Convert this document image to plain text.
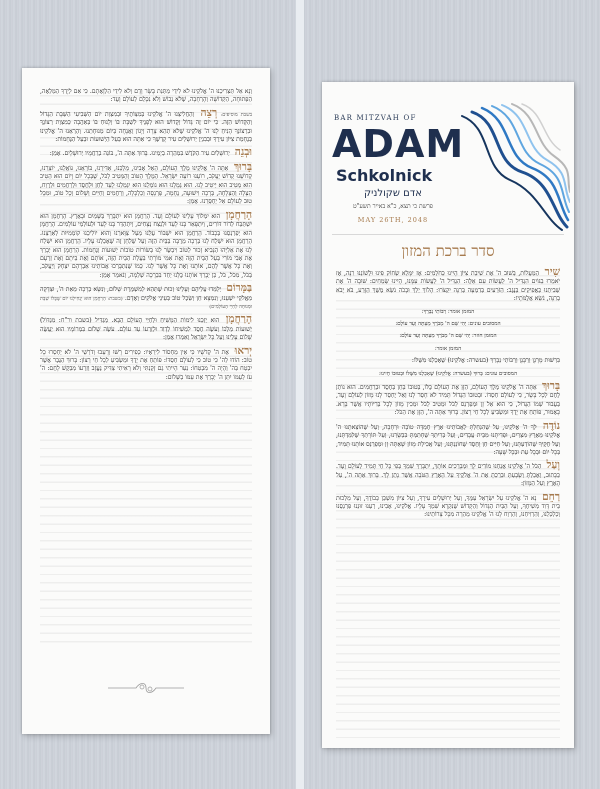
וְנָא אַל תַּצְרִיכֵנוּ ה' אֱלֹקֵינוּ לֹא לִידֵי מַתְּנַת בָּשָׂר וָדָם וְלֹא לִידֵי הַלְוָאָתָם. כִּי אִם לְיָדְךָ הַמְּלֵאָה, הַפְּתוּחָה, הַקְּדוֹשָׁה וְהָרְחָבָה, שֶׁלֹּא נֵבוֹשׁ וְלֹא נִכָּלֵם לְעוֹלָם וָעֶד:

בשבת מוסיפים: רְצֵה וְהַחֲלִיצֵנוּ ה' אֱלֹקֵינוּ בְּמִצְוֹתֶיךָ וּבְמִצְוַת יוֹם הַשְּׁבִיעִי הַשַּׁבָּת הַגָּדוֹל וְהַקָּדוֹשׁ הַזֶּה. כִּי יוֹם זֶה גָּדוֹל וְקָדוֹשׁ הוּא לְפָנֶיךָ לִשְׁבָּת בּוֹ וְלָנוּחַ בּוֹ בְּאַהֲבָה כְּמִצְוַת רְצוֹנֶךָ וּבִרְצוֹנְךָ הָנִיחַ לָנוּ ה' אֱלֹקֵינוּ שֶׁלֹּא תְהֵא צָרָה וְיָגוֹן וַאֲנָחָה בְּיוֹם מְנוּחָתֵנוּ. וְהַרְאֵנוּ ה' אֱלֹקֵינוּ בְּנֶחָמַת צִיּוֹן עִירֶךָ וּבְבִנְיַן יְרוּשָׁלַיִם עִיר קָדְשֶׁךָ כִּי אַתָּה הוּא בַּעַל הַיְשׁוּעוֹת וּבַעַל הַנֶּחָמוֹת:

וּבְנֵה יְרוּשָׁלַיִם עִיר הַקֹּדֶשׁ בִּמְהֵרָה בְיָמֵינוּ. בָּרוּךְ אַתָּה ה', בּוֹנֵה בְרַחֲמָיו יְרוּשָׁלָיִם. אָמֵן:

בָּרוּךְ אַתָּה ה' אֱלֹקֵינוּ מֶלֶךְ הָעוֹלָם, הָאֵל אָבִינוּ, מַלְכֵּנוּ, אַדִּירֵנוּ, בּוֹרְאֵנוּ, גּוֹאֲלֵנוּ, יוֹצְרֵנוּ, קְדוֹשֵׁנוּ קְדוֹשׁ יַעֲקֹב, רוֹעֵנוּ רוֹעֵה יִשְׂרָאֵל. הַמֶּלֶךְ הַטּוֹב וְהַמֵּטִיב לַכֹּל, שֶׁבְּכָל יוֹם וָיוֹם הוּא הֵטִיב הוּא מֵטִיב הוּא יֵיטִיב לָנוּ. הוּא גְמָלָנוּ הוּא גוֹמְלֵנוּ הוּא יִגְמְלֵנוּ לָעַד לְחֵן וּלְחֶסֶד וּלְרַחֲמִים וּלְרֶוַח, הַצָּלָה וְהַצְלָחָה, בְּרָכָה וִישׁוּעָה, נֶחָמָה, פַּרְנָסָה וְכַלְכָּלָה, וְרַחֲמִים וְחַיִּים וְשָׁלוֹם וְכָל טוֹב, וּמִכָּל טוּב לְעוֹלָם אַל יְחַסְּרֵנוּ. אָמֵן:

הָרַחֲמָן הוּא יִמְלוֹךְ עָלֵינוּ לְעוֹלָם וָעֶד. הָרַחֲמָן הוּא יִתְבָּרַךְ בַּשָּׁמַיִם וּבָאָרֶץ. הָרַחֲמָן הוּא יִשְׁתַּבַּח לְדוֹר דּוֹרִים, וְיִתְפָּאַר בָּנוּ לָעַד וּלְנֵצַח נְצָחִים, וְיִתְהַדַּר בָּנוּ לָעַד וּלְעוֹלְמֵי עוֹלָמִים. הָרַחֲמָן הוּא יְפַרְנְסֵנוּ בְּכָבוֹד. הָרַחֲמָן הוּא יִשְׁבּוֹר עֻלֵּנוּ מֵעַל צַוָּארֵנוּ וְהוּא יוֹלִיכֵנוּ קוֹמְמִיּוּת לְאַרְצֵנוּ. הָרַחֲמָן הוּא יִשְׁלַח לָנוּ בְּרָכָה מְרֻבָּה בַּבַּיִת הַזֶּה וְעַל שֻׁלְחָן זֶה שֶׁאָכַלְנוּ עָלָיו. הָרַחֲמָן הוּא יִשְׁלַח לָנוּ אֶת אֵלִיָּהוּ הַנָּבִיא זָכוּר לַטּוֹב וִיבַשֶּׂר לָנוּ בְּשׂוֹרוֹת טוֹבוֹת יְשׁוּעוֹת וְנֶחָמוֹת. הָרַחֲמָן הוּא יְבָרֵךְ אֶת אָבִי מוֹרִי בַּעַל הַבַּיִת הַזֶּה וְאֶת אִמִּי מוֹרָתִי בַּעֲלַת הַבַּיִת הַזֶּה, אוֹתָם וְאֶת בֵּיתָם וְאֶת זַרְעָם וְאֶת כָּל אֲשֶׁר לָהֶם, אוֹתָנוּ וְאֶת כָּל אֲשֶׁר לָנוּ. כְּמוֹ שֶׁנִּתְבָּרְכוּ אֲבוֹתֵינוּ אַבְרָהָם יִצְחָק וְיַעֲקֹב, בַּכֹּל, מִכֹּל, כֹּל, כֵּן יְבָרֵךְ אוֹתָנוּ כֻּלָּנוּ יַחַד בִּבְרָכָה שְׁלֵמָה, וְנֹאמַר אָמֵן:

בַּמָּרוֹם יְלַמְּדוּ עֲלֵיהֶם וְעָלֵינוּ זְכוּת שֶׁתְּהֵא לְמִשְׁמֶרֶת שָׁלוֹם, וְנִשָּׂא בְרָכָה מֵאֵת ה', וּצְדָקָה מֵאֱלֹקֵי יִשְׁעֵנוּ, וְנִמְצָא חֵן וְשֵׂכֶל טוֹב בְּעֵינֵי אֱלֹקִים וְאָדָם. (בשבת: הָרַחֲמָן הוּא יַנְחִילֵנוּ יוֹם שֶׁכֻּלּוֹ שַׁבָּת וּמְנוּחָה לְחַיֵּי הָעוֹלָמִים)

הָרַחֲמָן הוּא יְזַכֵּנוּ לִימוֹת הַמָּשִׁיחַ וּלְחַיֵּי הָעוֹלָם הַבָּא. מַגְדִּיל (בשבת ור"ח: מִגְדּוֹל) יְשׁוּעוֹת מַלְכּוֹ וְעֹשֶׂה חֶסֶד לִמְשִׁיחוֹ לְדָוִד וּלְזַרְעוֹ עַד עוֹלָם. עֹשֶׂה שָׁלוֹם בִּמְרוֹמָיו הוּא יַעֲשֶׂה שָׁלוֹם עָלֵינוּ וְעַל כָּל יִשְׂרָאֵל וְאִמְרוּ אָמֵן:

יְראוּ אֶת ה' קְדֹשָׁיו כִּי אֵין מַחְסוֹר לִירֵאָיו: כְּפִירִים רָשׁוּ וְרָעֵבוּ וְדֹרְשֵׁי ה' לֹא יַחְסְרוּ כָל טוֹב: הוֹדוּ לַה' כִּי טוֹב כִּי לְעוֹלָם חַסְדּוֹ: פּוֹתֵחַ אֶת יָדֶךָ וּמַשְׂבִּיעַ לְכָל חַי רָצוֹן: בָּרוּךְ הַגֶּבֶר אֲשֶׁר יִבְטַח בַּה' וְהָיָה ה' מִבְטַחוֹ: נַעַר הָיִיתִי גַם זָקַנְתִּי וְלֹא רָאִיתִי צַדִּיק נֶעֱזָב וְזַרְעוֹ מְבַקֶּשׁ לָחֶם: ה' עֹז לְעַמּוֹ יִתֵּן ה' יְבָרֵךְ אֶת עַמּוֹ בַשָּׁלוֹם:

BAR MITZVAH OF
ADAM
Schkolnick
אדם שקולניק
פרשת כי תצא, כ"א באייר תשע"ט
MAY 26TH, 2048
סדר ברכת המזון

שִׁיר הַמַּעֲלוֹת, בְּשׁוּב ה' אֶת שִׁיבַת צִיּוֹן הָיִינוּ כְּחֹלְמִים: אָז יִמָּלֵא שְׂחוֹק פִּינוּ וּלְשׁוֹנֵנוּ רִנָּה, אָז יֹאמְרוּ בַגּוֹיִם הִגְדִּיל ה' לַעֲשׂוֹת עִם אֵלֶּה: הִגְדִּיל ה' לַעֲשׂוֹת עִמָּנוּ, הָיִינוּ שְׂמֵחִים: שׁוּבָה ה' אֶת שְׁבִיתֵנוּ כַּאֲפִיקִים בַּנֶּגֶב: הַזֹּרְעִים בְּדִמְעָה בְּרִנָּה יִקְצֹרוּ: הָלוֹךְ יֵלֵךְ וּבָכֹה נֹשֵׂא מֶשֶׁךְ הַזָּרַע, בֹּא יָבֹא בְרִנָּה, נֹשֵׂא אֲלֻמֹּתָיו:

המזמן אומר: רַבּוֹתַי נְבָרֵךְ:

המסובים עונים: יְהִי שֵׁם ה' מְבֹרָךְ מֵעַתָּה וְעַד עוֹלָם:

המזמן חוזר: יְהִי שֵׁם ה' מְבֹרָךְ מֵעַתָּה וְעַד עוֹלָם:

המזמן אומר:

בִּרְשׁוּת מָרָנָן וְרַבָּנָן וְרַבּוֹתַי נְבָרֵךְ (בעשרה: אֱלֹקֵינוּ) שֶׁאָכַלְנוּ מִשֶּׁלּוֹ:

המסובים עונים: בָּרוּךְ (בעשרה: אֱלֹקֵינוּ) שֶׁאָכַלְנוּ מִשֶּׁלּוֹ וּבְטוּבוֹ חָיִינוּ:

בָּרוּךְ אַתָּה ה' אֱלֹקֵינוּ מֶלֶךְ הָעוֹלָם, הַזָּן אֶת הָעוֹלָם כֻּלּוֹ, בְּטוּבוֹ בְּחֵן בְּחֶסֶד וּבְרַחֲמִים. הוּא נוֹתֵן לֶחֶם לְכָל בָּשָׂר, כִּי לְעוֹלָם חַסְדּוֹ. וּבְטוּבוֹ הַגָּדוֹל תָּמִיד לֹא חָסַר לָנוּ וְאַל יֶחְסַר לָנוּ מָזוֹן לְעוֹלָם וָעֶד, בַּעֲבוּר שְׁמוֹ הַגָּדוֹל, כִּי הוּא אֵל זָן וּמְפַרְנֵס לַכֹּל וּמֵטִיב לַכֹּל וּמֵכִין מָזוֹן לְכָל בְּרִיּוֹתָיו אֲשֶׁר בָּרָא. כָּאָמוּר, פּוֹתֵחַ אֶת יָדֶךָ וּמַשְׂבִּיעַ לְכָל חַי רָצוֹן. בָּרוּךְ אַתָּה ה', הַזָּן אֶת הַכֹּל:

נוֹדֶה לְּךָ ה' אֱלֹקֵינוּ, עַל שֶׁהִנְחַלְתָּ לַאֲבוֹתֵינוּ אֶרֶץ חֶמְדָּה טוֹבָה וּרְחָבָה, וְעַל שֶׁהוֹצֵאתָנוּ ה' אֱלֹקֵינוּ מֵאֶרֶץ מִצְרַיִם, וּפְדִיתָנוּ מִבֵּית עֲבָדִים, וְעַל בְּרִיתְךָ שֶׁחָתַמְתָּ בִּבְשָׂרֵנוּ, וְעַל תּוֹרָתְךָ שֶׁלִּמַּדְתָּנוּ, וְעַל חֻקֶּיךָ שֶׁהוֹדַעְתָּנוּ, וְעַל חַיִּים חֵן וָחֶסֶד שֶׁחוֹנַנְתָּנוּ, וְעַל אֲכִילַת מָזוֹן שָׁאַתָּה זָן וּמְפַרְנֵס אוֹתָנוּ תָּמִיד, בְּכָל יוֹם וּבְכָל עֵת וּבְכָל שָׁעָה:

וְעַל הַכֹּל ה' אֱלֹקֵינוּ אֲנַחְנוּ מוֹדִים לָךְ וּמְבָרְכִים אוֹתָךְ, יִתְבָּרַךְ שִׁמְךָ בְּפִי כָּל חַי תָּמִיד לְעוֹלָם וָעֶד. כַּכָּתוּב, וְאָכַלְתָּ וְשָׂבָעְתָּ וּבֵרַכְתָּ אֶת ה' אֱלֹקֶיךָ עַל הָאָרֶץ הַטֹּבָה אֲשֶׁר נָתַן לָךְ. בָּרוּךְ אַתָּה ה', עַל הָאָרֶץ וְעַל הַמָּזוֹן:

רַחֵם נָא ה' אֱלֹקֵינוּ עַל יִשְׂרָאֵל עַמֶּךָ, וְעַל יְרוּשָׁלַיִם עִירֶךָ, וְעַל צִיּוֹן מִשְׁכַּן כְּבוֹדֶךָ, וְעַל מַלְכוּת בֵּית דָּוִד מְשִׁיחֶךָ, וְעַל הַבַּיִת הַגָּדוֹל וְהַקָּדוֹשׁ שֶׁנִּקְרָא שִׁמְךָ עָלָיו. אֱלֹקֵינוּ, אָבִינוּ, רְעֵנוּ זוּנֵנוּ פַּרְנְסֵנוּ וְכַלְכְּלֵנוּ, וְהַרְוִיחֵנוּ, וְהַרְוַח לָנוּ ה' אֱלֹקֵינוּ מְהֵרָה מִכָּל צָרוֹתֵינוּ:
